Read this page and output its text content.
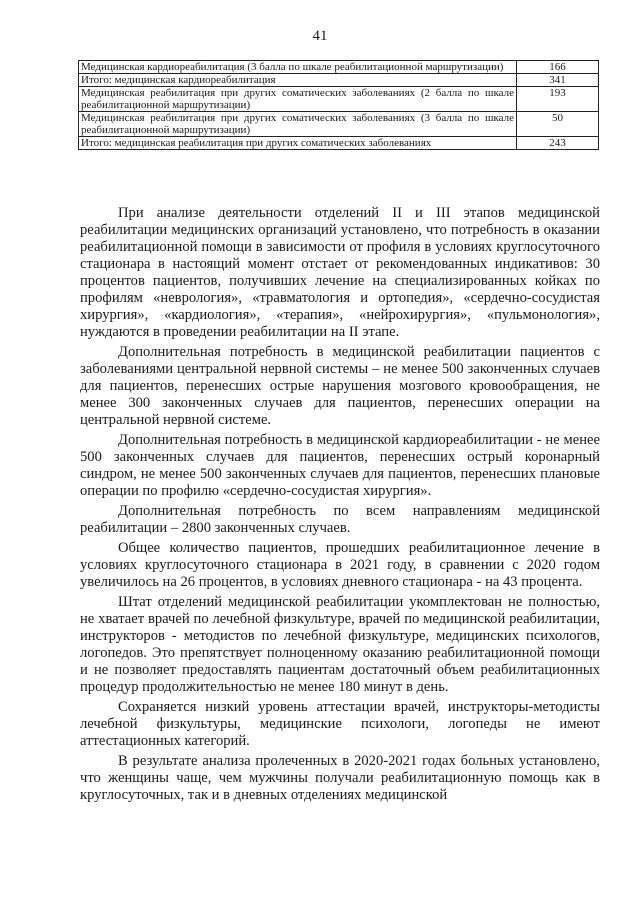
41
Медицинская кардиореабилитация (3 балла по шкале реабилитационной маршрутизации)	166
Итого: медицинская кардиореабилитация	341
Медицинская реабилитация при других соматических заболеваниях (2 балла по шкале реабилитационной маршрутизации)	193
Медицинская реабилитация при других соматических заболеваниях (3 балла по шкале реабилитационной маршрутизации)	50
Итого: медицинская реабилитация при других соматических заболеваниях	243

При анализе деятельности отделений II и III этапов медицинской реабилитации медицинских организаций установлено, что потребность в оказании реабилитационной помощи в зависимости от профиля в условиях круглосуточного стационара в настоящий момент отстает от рекомендованных индикативов: 30 процентов пациентов, получивших лечение на специализированных койках по профилям «неврология», «травматология и ортопедия», «сердечно-сосудистая хирургия», «кардиология», «терапия», «нейрохирургия», «пульмонология», нуждаются в проведении реабилитации на II этапе.

Дополнительная потребность в медицинской реабилитации пациентов с заболеваниями центральной нервной системы – не менее 500 законченных случаев для пациентов, перенесших острые нарушения мозгового кровообращения, не менее 300 законченных случаев для пациентов, перенесших операции на центральной нервной системе.

Дополнительная потребность в медицинской кардиореабилитации - не менее 500 законченных случаев для пациентов, перенесших острый коронарный синдром, не менее 500 законченных случаев для пациентов, перенесших плановые операции по профилю «сердечно-сосудистая хирургия».

Дополнительная потребность по всем направлениям медицинской реабилитации – 2800 законченных случаев.

Общее количество пациентов, прошедших реабилитационное лечение в условиях круглосуточного стационара в 2021 году, в сравнении с 2020 годом увеличилось на 26 процентов, в условиях дневного стационара - на 43 процента.

Штат отделений медицинской реабилитации укомплектован не полностью, не хватает врачей по лечебной физкультуре, врачей по медицинской реабилитации, инструкторов - методистов по лечебной физкультуре, медицинских психологов, логопедов. Это препятствует полноценному оказанию реабилитационной помощи и не позволяет предоставлять пациентам достаточный объем реабилитационных процедур продолжительностью не менее 180 минут в день.

Сохраняется низкий уровень аттестации врачей, инструкторы-методисты лечебной физкультуры, медицинские психологи, логопеды не имеют аттестационных категорий.

В результате анализа пролеченных в 2020-2021 годах больных установлено, что женщины чаще, чем мужчины получали реабилитационную помощь как в круглосуточных, так и в дневных отделениях медицинской
